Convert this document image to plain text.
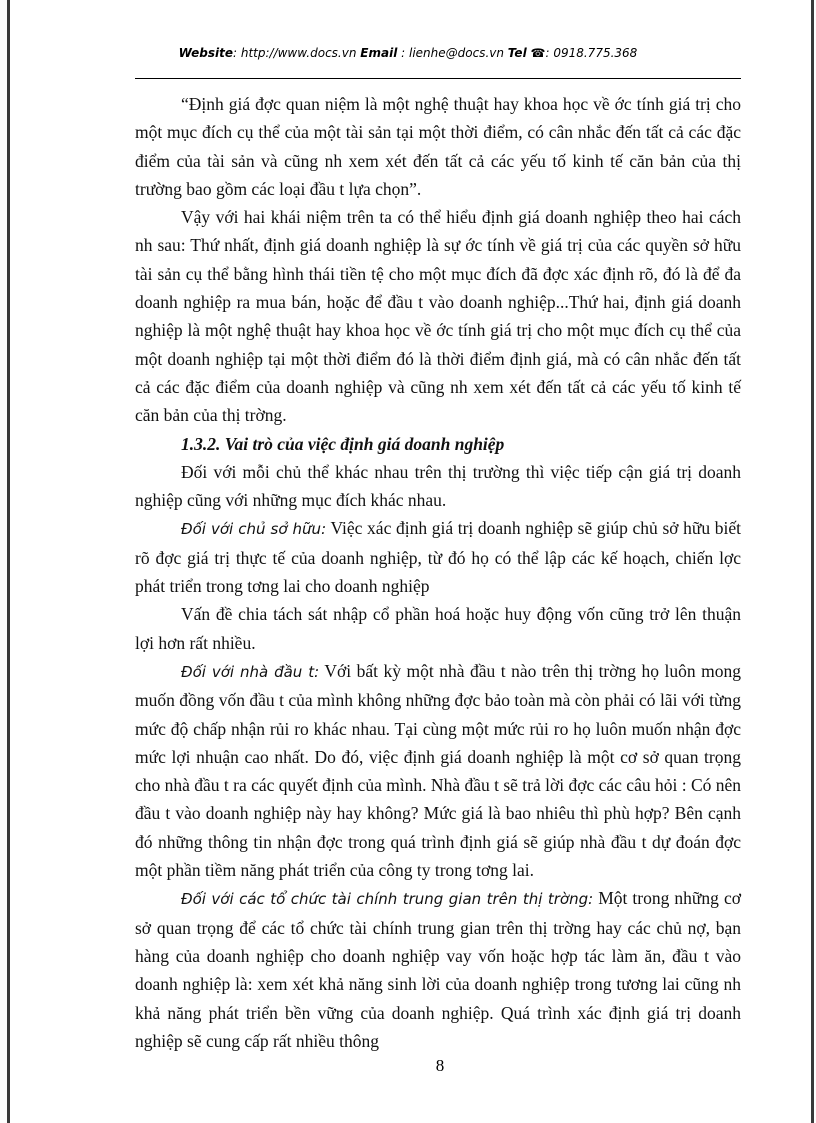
Website: http://www.docs.vn Email : lienhe@docs.vn Tel ☎: 0918.775.368

“Định giá đợc quan niệm là một nghệ thuật hay khoa học về ớc tính giá trị cho một mục đích cụ thể của một tài sản tại một thời điểm, có cân nhắc đến tất cả các đặc điểm của tài sản và cũng nh xem xét đến tất cả các yếu tố kinh tế căn bản của thị trường bao gồm các loại đầu t lựa chọn”.

Vậy với hai khái niệm trên ta có thể hiểu định giá doanh nghiệp theo hai cách nh sau: Thứ nhất, định giá doanh nghiệp là sự ớc tính về giá trị của các quyền sở hữu tài sản cụ thể bằng hình thái tiền tệ cho một mục đích đã đợc xác định rõ, đó là để đa doanh nghiệp ra mua bán, hoặc để đầu t vào doanh nghiệp...Thứ hai, định giá doanh nghiệp là một nghệ thuật hay khoa học về ớc tính giá trị cho một mục đích cụ thể của một doanh nghiệp tại một thời điểm đó là thời điểm định giá, mà có cân nhắc đến tất cả các đặc điểm của doanh nghiệp và cũng nh xem xét đến tất cả các yếu tố kinh tế căn bản của thị trờng.

1.3.2. Vai trò của việc định giá doanh nghiệp

Đối với mỗi chủ thể khác nhau trên thị trường thì việc tiếp cận giá trị doanh nghiệp cũng với những mục đích khác nhau.

Đối với chủ sở hữu: Việc xác định giá trị doanh nghiệp sẽ giúp chủ sở hữu biết rõ đợc giá trị thực tế của doanh nghiệp, từ đó họ có thể lập các kế hoạch, chiến lợc phát triển trong tơng lai cho doanh nghiệp

Vấn đề chia tách sát nhập cổ phần hoá hoặc huy động vốn cũng trở lên thuận lợi hơn rất nhiều.

Đối với nhà đầu t: Với bất kỳ một nhà đầu t nào trên thị trờng họ luôn mong muốn đồng vốn đầu t của mình không những đợc bảo toàn mà còn phải có lãi với từng mức độ chấp nhận rủi ro khác nhau. Tại cùng một mức rủi ro họ luôn muốn nhận đợc mức lợi nhuận cao nhất. Do đó, việc định giá doanh nghiệp là một cơ sở quan trọng cho nhà đầu t ra các quyết định của mình. Nhà đầu t sẽ trả lời đợc các câu hỏi : Có nên đầu t vào doanh nghiệp này hay không? Mức giá là bao nhiêu thì phù hợp? Bên cạnh đó những thông tin nhận đợc trong quá trình định giá sẽ giúp nhà đầu t dự đoán đợc một phần tiềm năng phát triển của công ty trong tơng lai.

Đối với các tổ chức tài chính trung gian trên thị trờng: Một trong những cơ sở quan trọng để các tổ chức tài chính trung gian trên thị trờng hay các chủ nợ, bạn hàng của doanh nghiệp cho doanh nghiệp vay vốn hoặc hợp tác làm ăn, đầu t vào doanh nghiệp là: xem xét khả năng sinh lời của doanh nghiệp trong tương lai cũng nh khả năng phát triển bền vững của doanh nghiệp. Quá trình xác định giá trị doanh nghiệp sẽ cung cấp rất nhiều thông

8
